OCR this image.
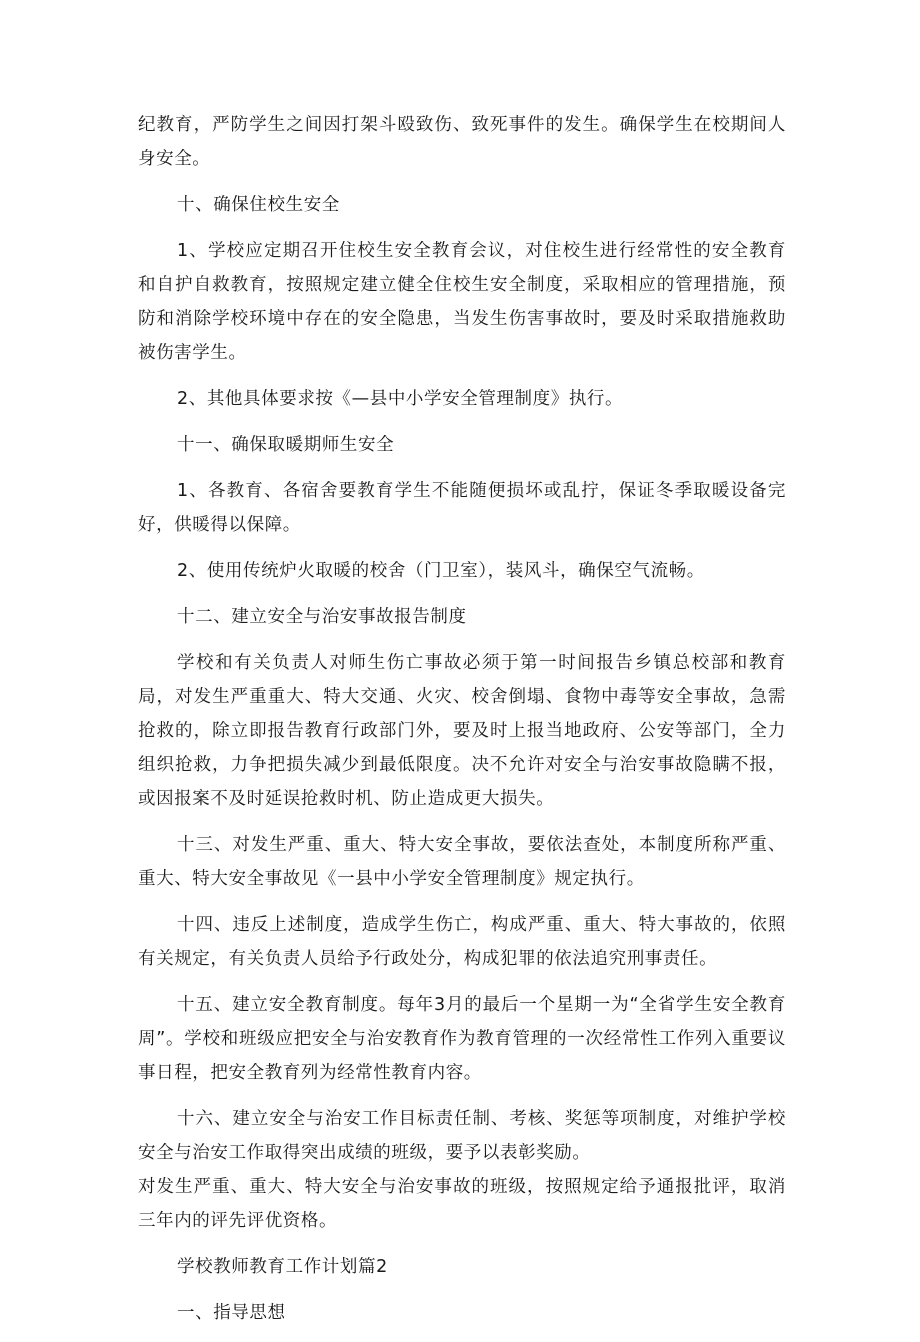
纪教育，严防学生之间因打架斗殴致伤、致死事件的发生。确保学生在校期间人身安全。

十、确保住校生安全

1、学校应定期召开住校生安全教育会议，对住校生进行经常性的安全教育和自护自救教育，按照规定建立健全住校生安全制度，采取相应的管理措施，预防和消除学校环境中存在的安全隐患，当发生伤害事故时，要及时采取措施救助被伤害学生。

2、其他具体要求按《—县中小学安全管理制度》执行。

十一、确保取暖期师生安全

1、各教育、各宿舍要教育学生不能随便损坏或乱拧，保证冬季取暖设备完好，供暖得以保障。

2、使用传统炉火取暖的校舍（门卫室），装风斗，确保空气流畅。

十二、建立安全与治安事故报告制度

学校和有关负责人对师生伤亡事故必须于第一时间报告乡镇总校部和教育局，对发生严重重大、特大交通、火灾、校舍倒塌、食物中毒等安全事故，急需抢救的，除立即报告教育行政部门外，要及时上报当地政府、公安等部门，全力组织抢救，力争把损失减少到最低限度。决不允许对安全与治安事故隐瞒不报，或因报案不及时延误抢救时机、防止造成更大损失。

十三、对发生严重、重大、特大安全事故，要依法查处，本制度所称严重、重大、特大安全事故见《一县中小学安全管理制度》规定执行。

十四、违反上述制度，造成学生伤亡，构成严重、重大、特大事故的，依照有关规定，有关负责人员给予行政处分，构成犯罪的依法追究刑事责任。

十五、建立安全教育制度。每年3月的最后一个星期一为“全省学生安全教育周”。学校和班级应把安全与治安教育作为教育管理的一次经常性工作列入重要议事日程，把安全教育列为经常性教育内容。

十六、建立安全与治安工作目标责任制、考核、奖惩等项制度，对维护学校安全与治安工作取得突出成绩的班级，要予以表彰奖励。

对发生严重、重大、特大安全与治安事故的班级，按照规定给予通报批评，取消三年内的评先评优资格。

学校教师教育工作计划篇2

一、指导思想
